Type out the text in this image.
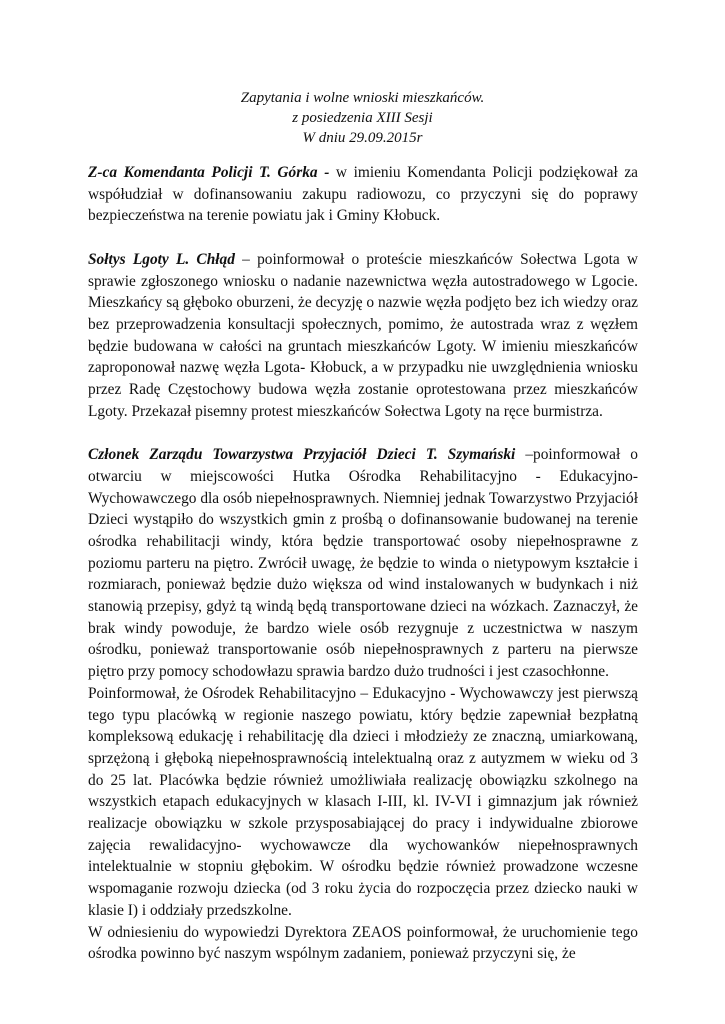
Zapytania i wolne wnioski mieszkańców.
z posiedzenia XIII Sesji
W dniu 29.09.2015r

Z-ca Komendanta Policji T. Górka - w imieniu Komendanta Policji podziękował za współudział w dofinansowaniu zakupu radiowozu, co przyczyni się do poprawy bezpieczeństwa na terenie powiatu jak i Gminy Kłobuck.

Sołtys Lgoty L. Chłąd – poinformował o proteście mieszkańców Sołectwa Lgota w sprawie zgłoszonego wniosku o nadanie nazewnictwa węzła autostradowego w Lgocie. Mieszkańcy są głęboko oburzeni, że decyzję o nazwie węzła podjęto bez ich wiedzy oraz bez przeprowadzenia konsultacji społecznych, pomimo, że autostrada wraz z węzłem będzie budowana w całości na gruntach mieszkańców Lgoty. W imieniu mieszkańców zaproponował nazwę węzła Lgota- Kłobuck, a w przypadku nie uwzględnienia wniosku przez Radę Częstochowy budowa węzła zostanie oprotestowana przez mieszkańców Lgoty. Przekazał pisemny protest mieszkańców Sołectwa Lgoty na ręce burmistrza.

Członek Zarządu Towarzystwa Przyjaciół Dzieci T. Szymański –poinformował o otwarciu w miejscowości Hutka Ośrodka Rehabilitacyjno - Edukacyjno-Wychowawczego dla osób niepełnosprawnych. Niemniej jednak Towarzystwo Przyjaciół Dzieci wystąpiło do wszystkich gmin z prośbą o dofinansowanie budowanej na terenie ośrodka rehabilitacji windy, która będzie transportować osoby niepełnosprawne z poziomu parteru na piętro. Zwrócił uwagę, że będzie to winda o nietypowym kształcie i rozmiarach, ponieważ będzie dużo większa od wind instalowanych w budynkach i niż stanowią przepisy, gdyż tą windą będą transportowane dzieci na wózkach. Zaznaczył, że brak windy powoduje, że bardzo wiele osób rezygnuje z uczestnictwa w naszym ośrodku, ponieważ transportowanie osób niepełnosprawnych z parteru na pierwsze piętro przy pomocy schodowłazu sprawia bardzo dużo trudności i jest czasochłonne.

Poinformował, że Ośrodek Rehabilitacyjno – Edukacyjno - Wychowawczy jest pierwszą tego typu placówką w regionie naszego powiatu, który będzie zapewniał bezpłatną kompleksową edukację i rehabilitację dla dzieci i młodzieży ze znaczną, umiarkowaną, sprzężoną i głęboką niepełnosprawnością intelektualną oraz z autyzmem w wieku od 3 do 25 lat. Placówka będzie również umożliwiała realizację obowiązku szkolnego na wszystkich etapach edukacyjnych w klasach I-III, kl. IV-VI i gimnazjum jak również realizacje obowiązku w szkole przysposabiającej do pracy i indywidualne zbiorowe zajęcia rewalidacyjno- wychowawcze dla wychowanków niepełnosprawnych intelektualnie w stopniu głębokim. W ośrodku będzie również prowadzone wczesne wspomaganie rozwoju dziecka (od 3 roku życia do rozpoczęcia przez dziecko nauki w klasie I) i oddziały przedszkolne.

W odniesieniu do wypowiedzi Dyrektora ZEAOS poinformował, że uruchomienie tego ośrodka powinno być naszym wspólnym zadaniem, ponieważ przyczyni się, że
